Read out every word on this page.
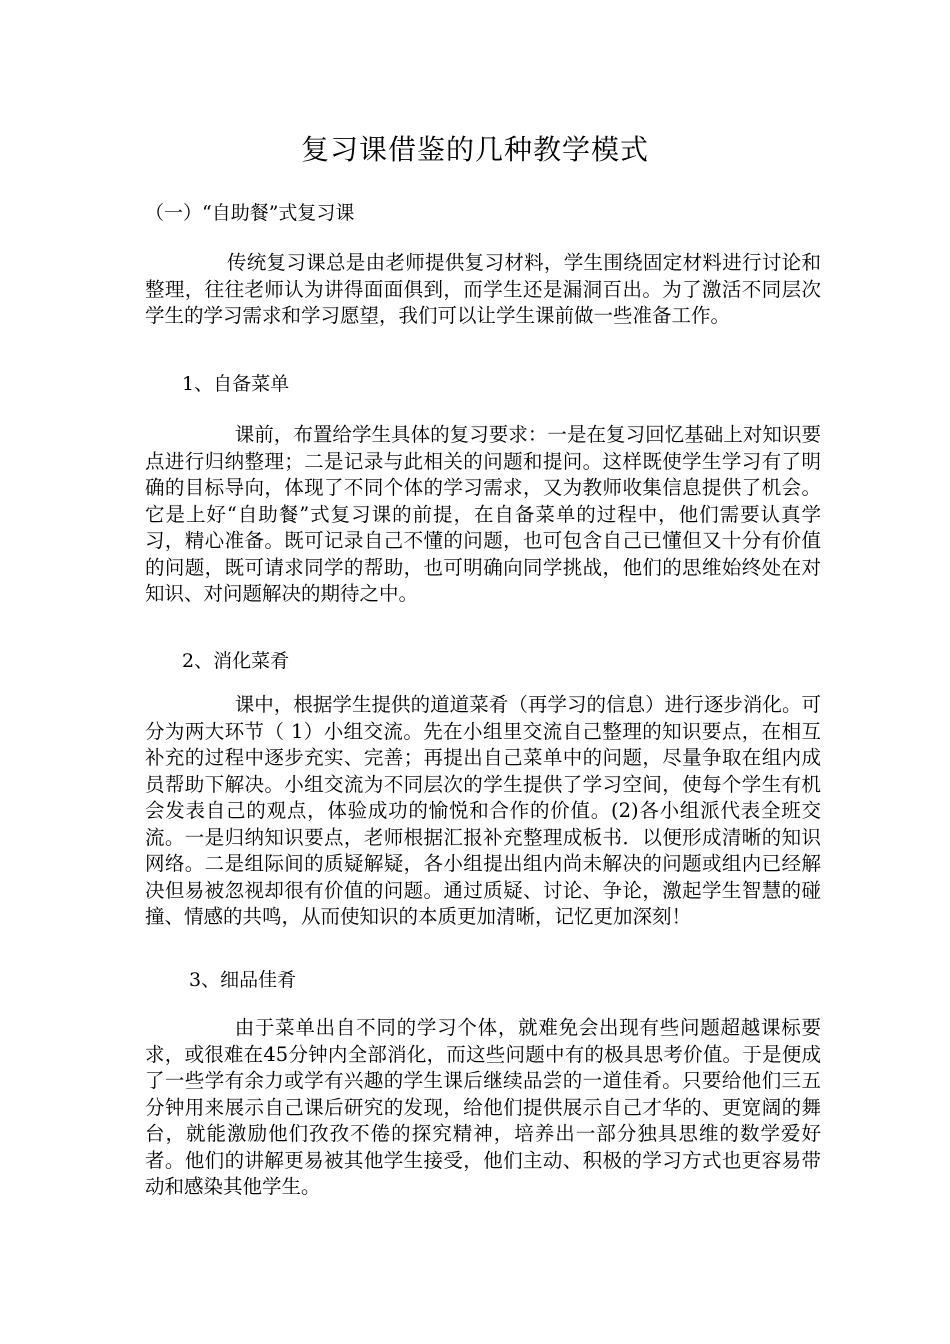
复习课借鉴的几种教学模式

（一）“自助餐”式复习课

传统复习课总是由老师提供复习材料，学生围绕固定材料进行讨论和整理，往往老师认为讲得面面俱到，而学生还是漏洞百出。为了激活不同层次学生的学习需求和学习愿望，我们可以让学生课前做一些准备工作。

1、自备菜单

课前，布置给学生具体的复习要求：一是在复习回忆基础上对知识要点进行归纳整理；二是记录与此相关的问题和提问。这样既使学生学习有了明确的目标导向，体现了不同个体的学习需求，又为教师收集信息提供了机会。它是上好“自助餐”式复习课的前提，在自备菜单的过程中，他们需要认真学习，精心准备。既可记录自己不懂的问题，也可包含自己已懂但又十分有价值的问题，既可请求同学的帮助，也可明确向同学挑战，他们的思维始终处在对知识、对问题解决的期待之中。

2、消化菜肴

课中，根据学生提供的道道菜肴（再学习的信息）进行逐步消化。可分为两大环节（ 1）小组交流。先在小组里交流自己整理的知识要点，在相互补充的过程中逐步充实、完善；再提出自己菜单中的问题，尽量争取在组内成员帮助下解决。小组交流为不同层次的学生提供了学习空间，使每个学生有机会发表自己的观点，体验成功的愉悦和合作的价值。(2)各小组派代表全班交流。一是归纳知识要点，老师根据汇报补充整理成板书．以便形成清晰的知识网络。二是组际间的质疑解疑，各小组提出组内尚未解决的问题或组内已经解决但易被忽视却很有价值的问题。通过质疑、讨论、争论，激起学生智慧的碰撞、情感的共鸣，从而使知识的本质更加清晰，记忆更加深刻！

3、细品佳肴

由于菜单出自不同的学习个体，就难免会出现有些问题超越课标要求，或很难在45分钟内全部消化，而这些问题中有的极具思考价值。于是便成了一些学有余力或学有兴趣的学生课后继续品尝的一道佳肴。只要给他们三五分钟用来展示自己课后研究的发现，给他们提供展示自己才华的、更宽阔的舞台，就能激励他们孜孜不倦的探究精神，培养出一部分独具思维的数学爱好者。他们的讲解更易被其他学生接受，他们主动、积极的学习方式也更容易带动和感染其他学生。
